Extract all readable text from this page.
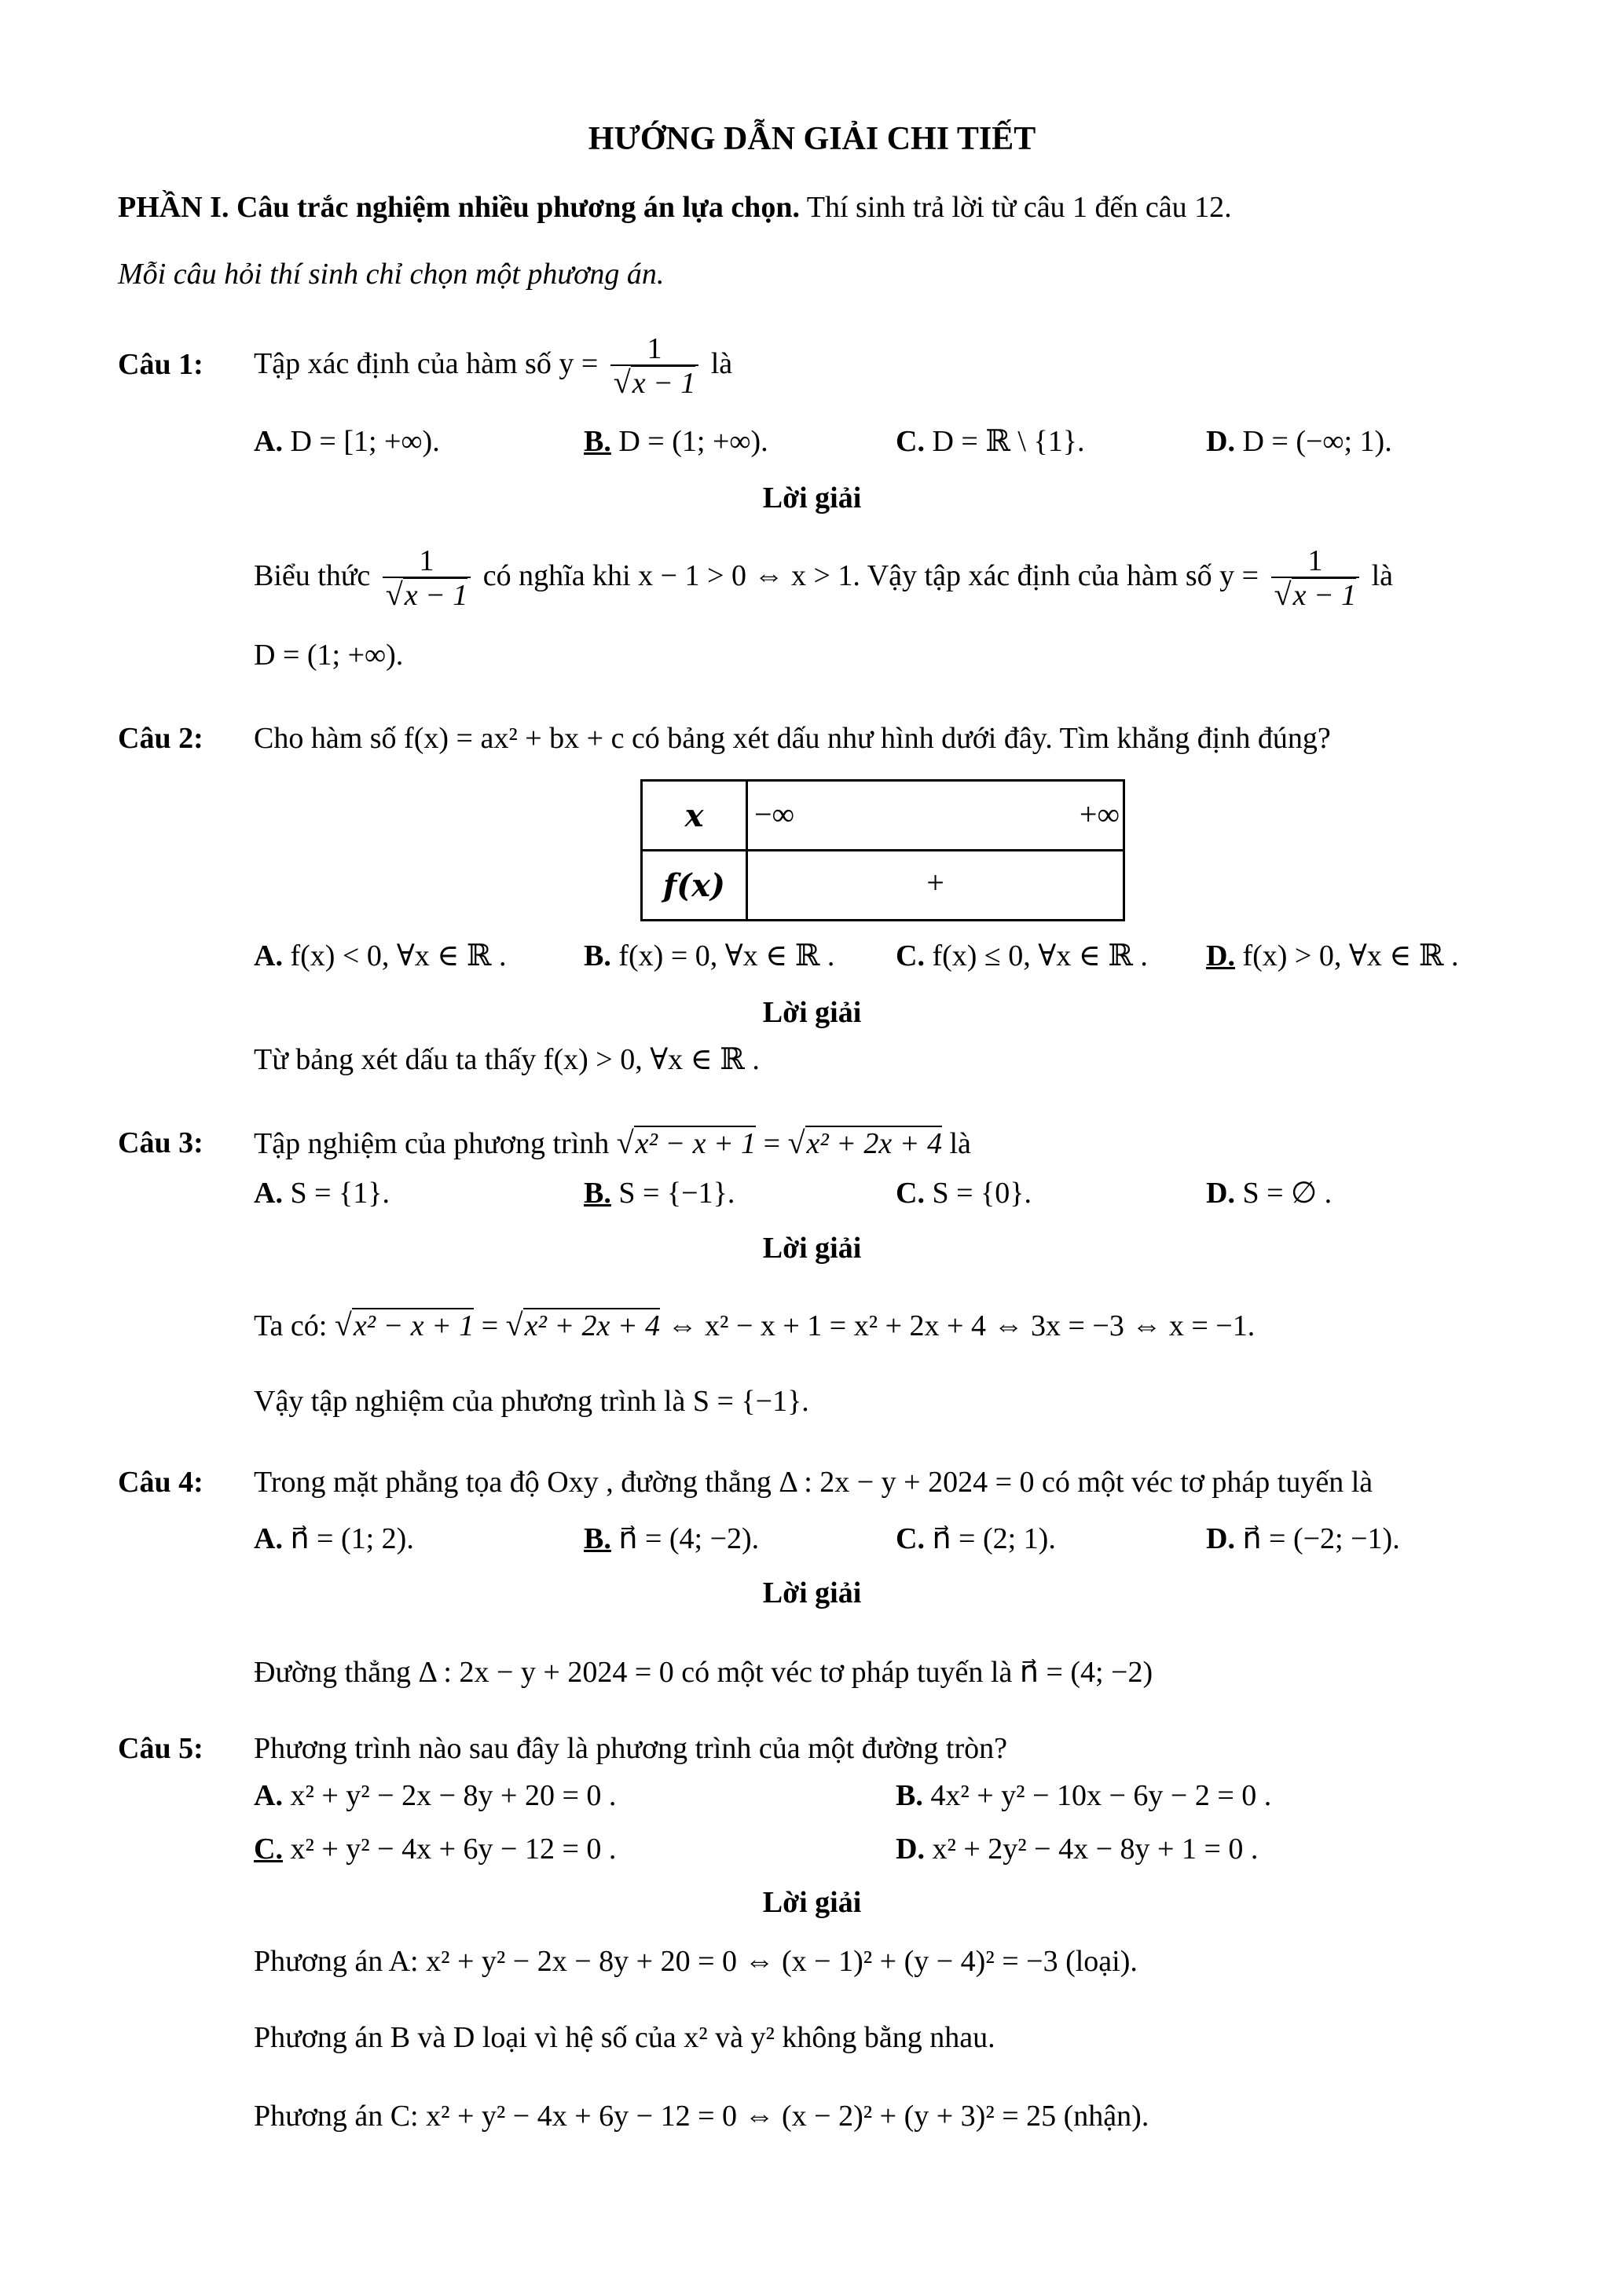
HƯỚNG DẪN GIẢI CHI TIẾT
PHẦN I. Câu trắc nghiệm nhiều phương án lựa chọn. Thí sinh trả lời từ câu 1 đến câu 12.
Mỗi câu hỏi thí sinh chỉ chọn một phương án.
Câu 1: Tập xác định của hàm số $y = \frac{1}{√x - 1}$ là
A. D = [1; +∞).	B. D = (1; +∞).	C. D = ℝ \ {1}.	D. D = (−∞; 1).
Lời giải
Biểu thức $\frac{1}{√x - 1}$ có nghĩa khi x − 1 > 0 ⇔ x > 1. Vậy tập xác định của hàm số $y = \frac{1}{√x - 1}$ là
D = (1; +∞).
Câu 2: Cho hàm số f(x) = ax² + bx + c có bảng xét dấu như hình dưới đây. Tìm khẳng định đúng?
x	−∞ +∞

f(x)	+
A. f(x) < 0, ∀x ∈ ℝ .	B. f(x) = 0, ∀x ∈ ℝ . C. f(x) ≤ 0, ∀x ∈ ℝ . D. f(x) > 0, ∀x ∈ ℝ .
Lời giải
Từ bảng xét dấu ta thấy f(x) > 0, ∀x ∈ ℝ .
Câu 3: Tập nghiệm của phương trình √x² − x + 1 = √x² + 2x + 4 là
A. S = {1}.	B. S = {−1}.	C. S = {0}.	D. S = ∅ .
Lời giải
Ta có: √x² − x + 1 = √x² + 2x + 4 ⇔ x² − x + 1 = x² + 2x + 4 ⇔ 3x = −3 ⇔ x = −1.
Vậy tập nghiệm của phương trình là S = {−1}.
Câu 4: Trong mặt phẳng tọa độ Oxy , đường thẳng Δ : 2x − y + 2024 = 0 có một véc tơ pháp tuyến là
A. n⃗ = (1; 2).	B. n⃗ = (4; −2).	C. n⃗ = (2; 1).	D. n⃗ = (−2; −1).
Lời giải
Đường thẳng Δ : 2x − y + 2024 = 0 có một véc tơ pháp tuyến là n⃗ = (4; −2)
Câu 5: Phương trình nào sau đây là phương trình của một đường tròn?
A. x² + y² − 2x − 8y + 20 = 0 .	B. 4x² + y² − 10x − 6y − 2 = 0 .
C. x² + y² − 4x + 6y − 12 = 0 .	D. x² + 2y² − 4x − 8y + 1 = 0 .
Lời giải
Phương án A: x² + y² − 2x − 8y + 20 = 0 ⇔ (x − 1)² + (y − 4)² = −3 (loại).
Phương án B và D loại vì hệ số của x² và y² không bằng nhau.
Phương án C: x² + y² − 4x + 6y − 12 = 0 ⇔ (x − 2)² + (y + 3)² = 25 (nhận).
